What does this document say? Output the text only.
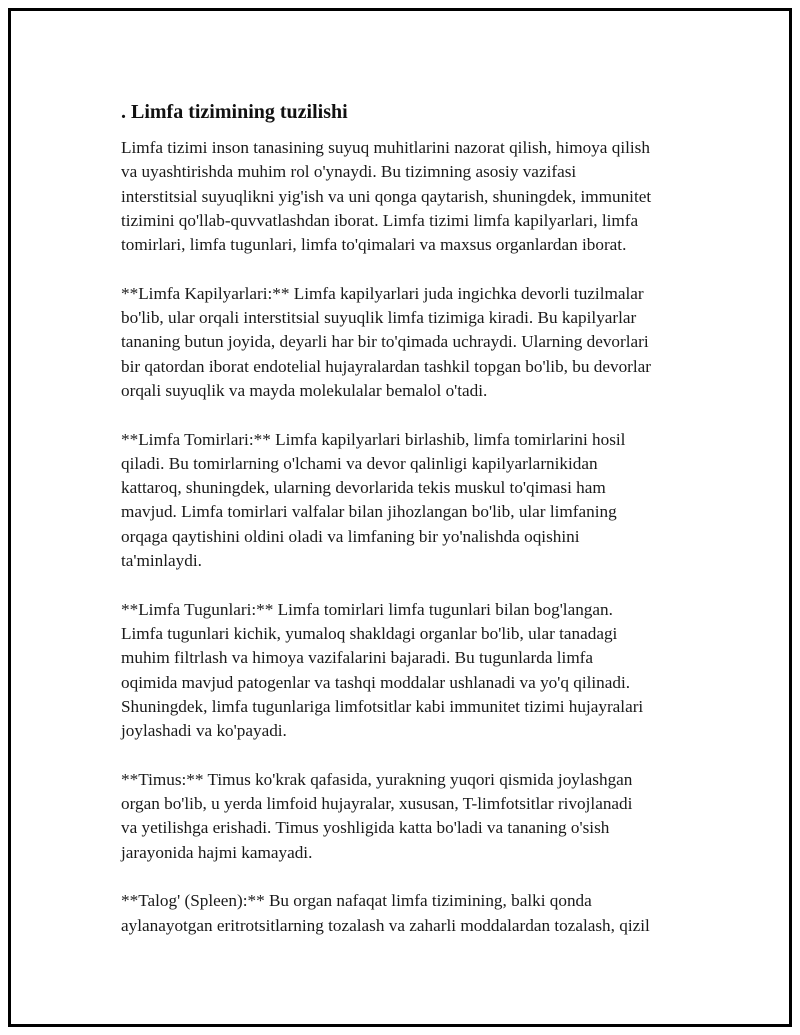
. Limfa tizimining tuzilishi
Limfa tizimi inson tanasining suyuq muhitlarini nazorat qilish, himoya qilish
va uyashtirishda muhim rol o'ynaydi. Bu tizimning asosiy vazifasi
interstitsial suyuqlikni yig'ish va uni qonga qaytarish, shuningdek, immunitet
tizimini qo'llab-quvvatlashdan iborat. Limfa tizimi limfa kapilyarlari, limfa
tomirlari, limfa tugunlari, limfa to'qimalari va maxsus organlardan iborat.
**Limfa Kapilyarlari:** Limfa kapilyarlari juda ingichka devorli tuzilmalar
bo'lib, ular orqali interstitsial suyuqlik limfa tizimiga kiradi. Bu kapilyarlar
tananing butun joyida, deyarli har bir to'qimada uchraydi. Ularning devorlari
bir qatordan iborat endotelial hujayralardan tashkil topgan bo'lib, bu devorlar
orqali suyuqlik va mayda molekulalar bemalol o'tadi.
**Limfa Tomirlari:** Limfa kapilyarlari birlashib, limfa tomirlarini hosil
qiladi. Bu tomirlarning o'lchami va devor qalinligi kapilyarlarnikidan
kattaroq, shuningdek, ularning devorlarida tekis muskul to'qimasi ham
mavjud. Limfa tomirlari valfalar bilan jihozlangan bo'lib, ular limfaning
orqaga qaytishini oldini oladi va limfaning bir yo'nalishda oqishini
ta'minlaydi.
**Limfa Tugunlari:** Limfa tomirlari limfa tugunlari bilan bog'langan.
Limfa tugunlari kichik, yumaloq shakldagi organlar bo'lib, ular tanadagi
muhim filtrlash va himoya vazifalarini bajaradi. Bu tugunlarda limfa
oqimida mavjud patogenlar va tashqi moddalar ushlanadi va yo'q qilinadi.
Shuningdek, limfa tugunlariga limfotsitlar kabi immunitet tizimi hujayralari
joylashadi va ko'payadi.
**Timus:** Timus ko'krak qafasida, yurakning yuqori qismida joylashgan
organ bo'lib, u yerda limfoid hujayralar, xususan, T-limfotsitlar rivojlanadi
va yetilishga erishadi. Timus yoshligida katta bo'ladi va tananing o'sish
jarayonida hajmi kamayadi.
**Talog' (Spleen):** Bu organ nafaqat limfa tizimining, balki qonda
aylanayotgan eritrotsitlarning tozalash va zaharli moddalardan tozalash, qizil
